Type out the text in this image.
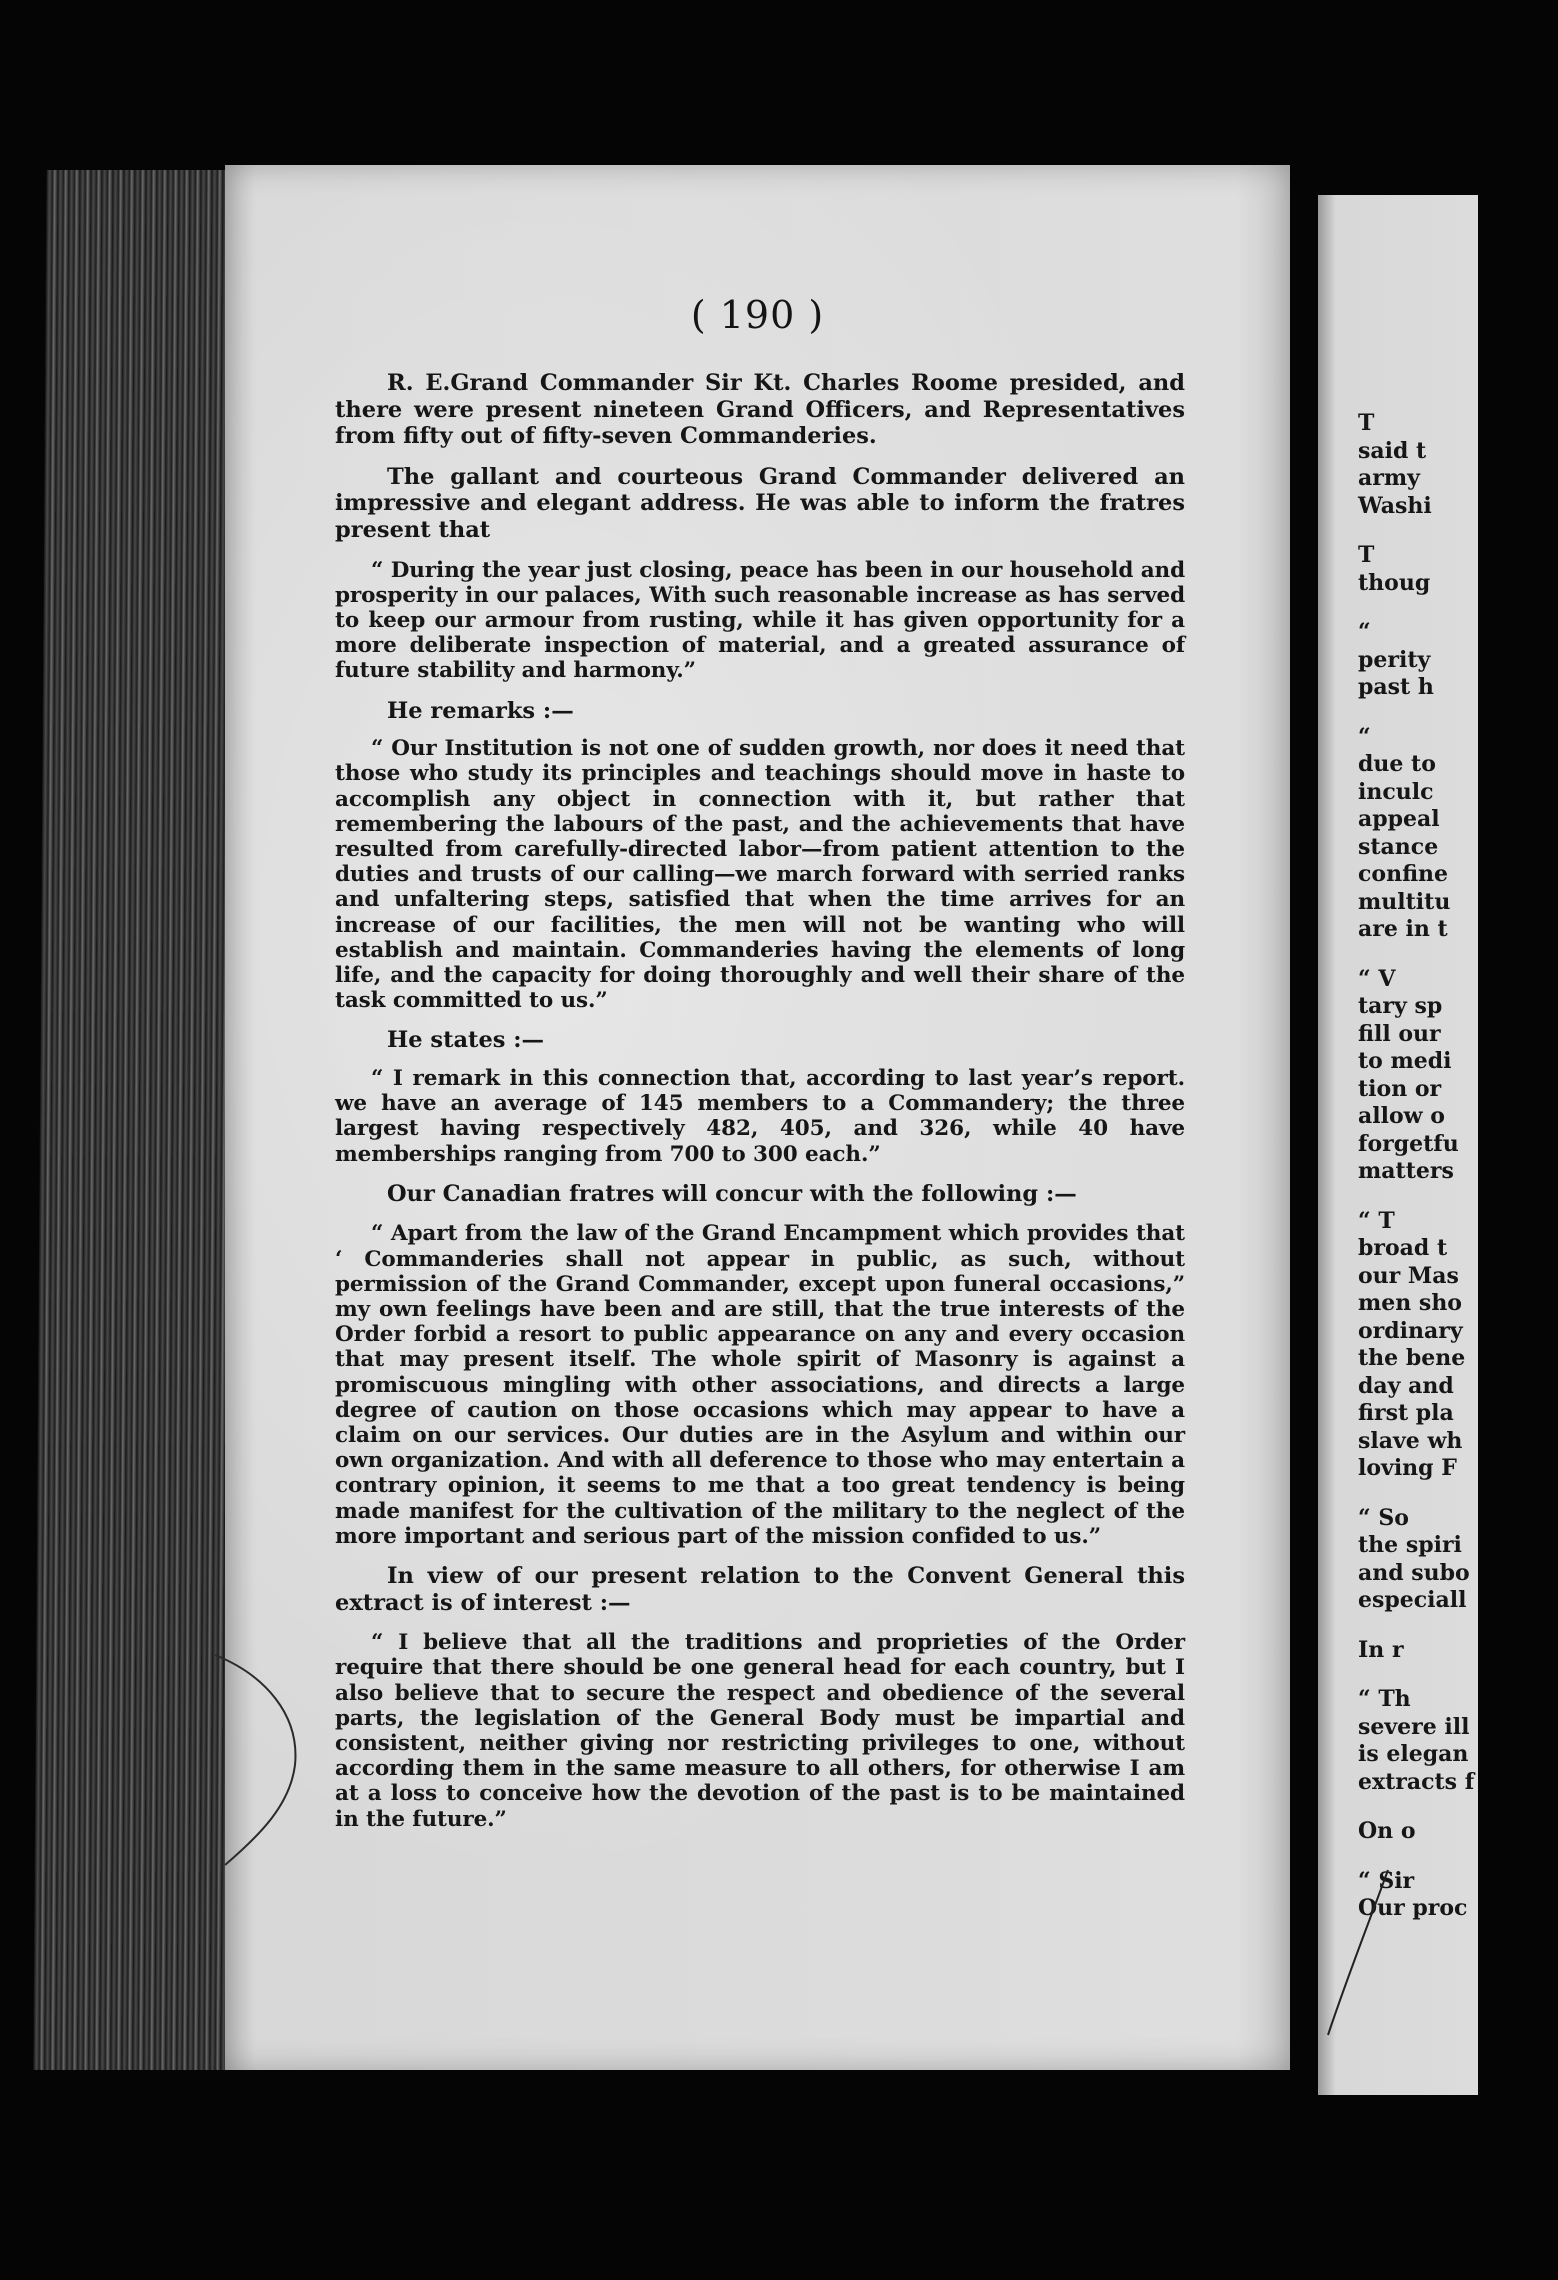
( 190 )

R. E.Grand Commander Sir Kt. Charles Roome presided, and there were present nineteen Grand Officers, and Representatives from fifty out of fifty-seven Commanderies.

The gallant and courteous Grand Commander delivered an impressive and elegant address. He was able to inform the fratres present that

“ During the year just closing, peace has been in our household and prosperity in our palaces, With such reasonable increase as has served to keep our armour from rusting, while it has given opportunity for a more deliberate inspection of material, and a greated assurance of future stability and harmony.”

He remarks :—

“ Our Institution is not one of sudden growth, nor does it need that those who study its principles and teachings should move in haste to accomplish any object in connection with it, but rather that remembering the labours of the past, and the achievements that have resulted from carefully-directed labor—from patient attention to the duties and trusts of our calling—we march forward with serried ranks and unfaltering steps, satisfied that when the time arrives for an increase of our facilities, the men will not be wanting who will establish and maintain. Commanderies having the elements of long life, and the capacity for doing thoroughly and well their share of the task committed to us.”

He states :—

“ I remark in this connection that, according to last year’s report. we have an average of 145 members to a Commandery; the three largest having respectively 482, 405, and 326, while 40 have memberships ranging from 700 to 300 each.”

Our Canadian fratres will concur with the following :—

“ Apart from the law of the Grand Encampment which provides that ‘ Commanderies shall not appear in public, as such, without permission of the Grand Commander, except upon funeral occasions,” my own feelings have been and are still, that the true interests of the Order forbid a resort to public appearance on any and every occasion that may present itself. The whole spirit of Masonry is against a promiscuous mingling with other associations, and directs a large degree of caution on those occasions which may appear to have a claim on our services. Our duties are in the Asylum and within our own organization. And with all deference to those who may entertain a contrary opinion, it seems to me that a too great tendency is being made manifest for the cultivation of the military to the neglect of the more important and serious part of the mission confided to us.”

In view of our present relation to the Convent General this extract is of interest :—

“ I believe that all the traditions and proprieties of the Order require that there should be one general head for each country, but I also believe that to secure the respect and obedience of the several parts, the legislation of the General Body must be impartial and consistent, neither giving nor restricting privileges to one, without according them in the same measure to all others, for otherwise I am at a loss to conceive how the devotion of the past is to be maintained in the future.”

T
said t
army
Washi
T
thoug
“
perity
past h
“
due to
inculc
appeal
stance
confine
multitu
are in t
“ V
tary sp
fill our
to medi
tion or
allow o
forgetfu
matters
“ T
broad t
our Mas
men sho
ordinary
the bene
day and
first pla
slave wh
loving F
“ So
the spiri
and subo
especiall
In r
“ Th
severe ill
is elegan
extracts f
On o
“ Sir
Our proc
